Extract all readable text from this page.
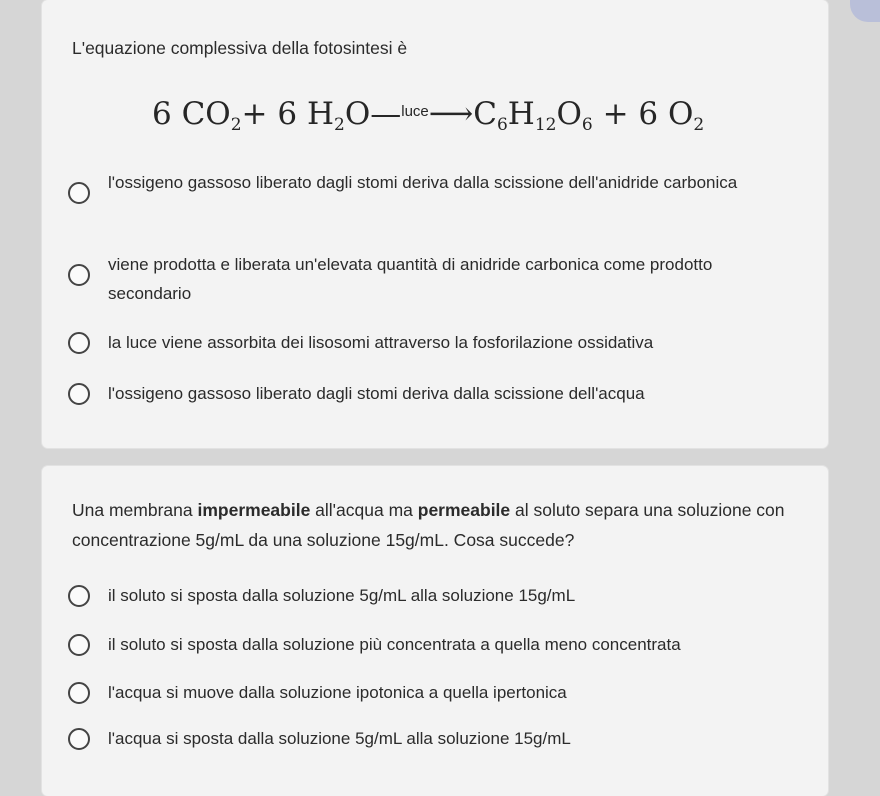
L'equazione complessiva della fotosintesi è
6 $CO_2+ 6$ $H_2O—^{luce}⟶C_6H_{12}O_6 + 6$ $O_2$
l'ossigeno gassoso liberato dagli stomi deriva dalla scissione dell'anidride carbonica
viene prodotta e liberata un'elevata quantità di anidride carbonica come prodotto secondario
la luce viene assorbita dei lisosomi attraverso la fosforilazione ossidativa
l'ossigeno gassoso liberato dagli stomi deriva dalla scissione dell'acqua
Una membrana impermeabile all'acqua ma permeabile al soluto separa una soluzione con concentrazione 5g/mL da una soluzione 15g/mL. Cosa succede?
il soluto si sposta dalla soluzione 5g/mL alla soluzione 15g/mL
il soluto si sposta dalla soluzione più concentrata a quella meno concentrata
l'acqua si muove dalla soluzione ipotonica a quella ipertonica
l'acqua si sposta dalla soluzione 5g/mL alla soluzione 15g/mL
